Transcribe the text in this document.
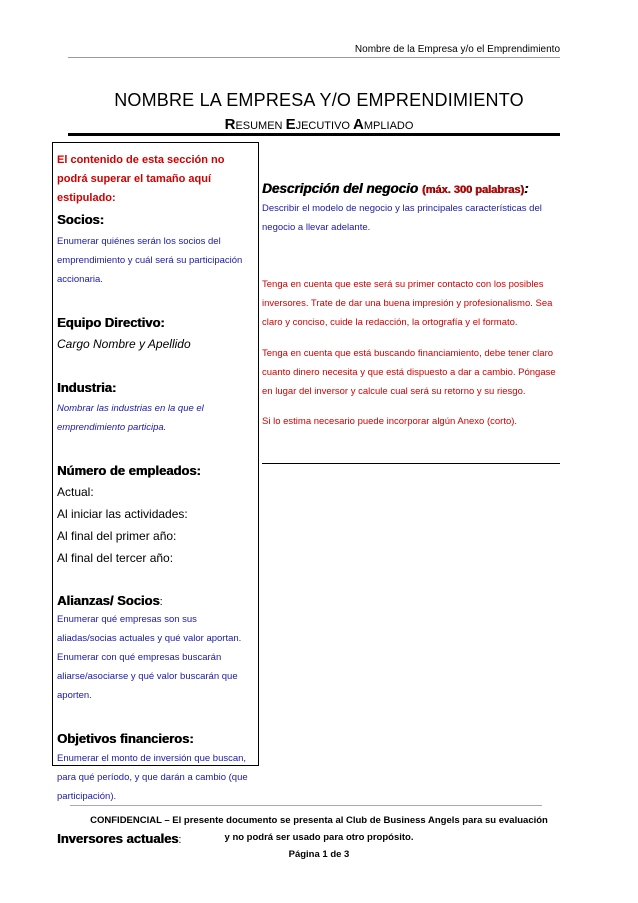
Nombre de la Empresa y/o el Emprendimiento
NOMBRE LA EMPRESA Y/O EMPRENDIMIENTO
RESUMEN EJECUTIVO AMPLIADO
El contenido de esta sección no podrá superar el tamaño aquí estipulado:
Socios:
Enumerar quiénes serán los socios del emprendimiento y cuál será su participación accionaria.
Equipo Directivo:
Cargo Nombre y Apellido
Industria:
Nombrar las industrias en la que el emprendimiento participa.
Número de empleados:
Actual:
Al iniciar las actividades:
Al final del primer año:
Al final del tercer año:
Alianzas/ Socios:
Enumerar qué empresas son sus aliadas/socias actuales y qué valor aportan.
Enumerar con qué empresas buscarán aliarse/asociarse y qué valor buscarán que aporten.
Objetivos financieros:
Enumerar el monto de inversión que buscan, para qué período, y que darán a cambio (que participación).
Inversores actuales:
Descripción del negocio (máx. 300 palabras):

Describir el modelo de negocio y las principales características del negocio a llevar adelante.

Tenga en cuenta que este será su primer contacto con los posibles inversores. Trate de dar una buena impresión y profesionalismo. Sea claro y conciso, cuide la redacción, la ortografía y el formato.

Tenga en cuenta que está buscando financiamiento, debe tener claro cuanto dinero necesita y que está dispuesto a dar a cambio. Póngase en lugar del inversor y calcule cual será su retorno y su riesgo.

Si lo estima necesario puede incorporar algún Anexo (corto).

CONFIDENCIAL – El presente documento se presenta al Club de Business Angels para su evaluación
y no podrá ser usado para otro propósito.
Página 1 de 3
